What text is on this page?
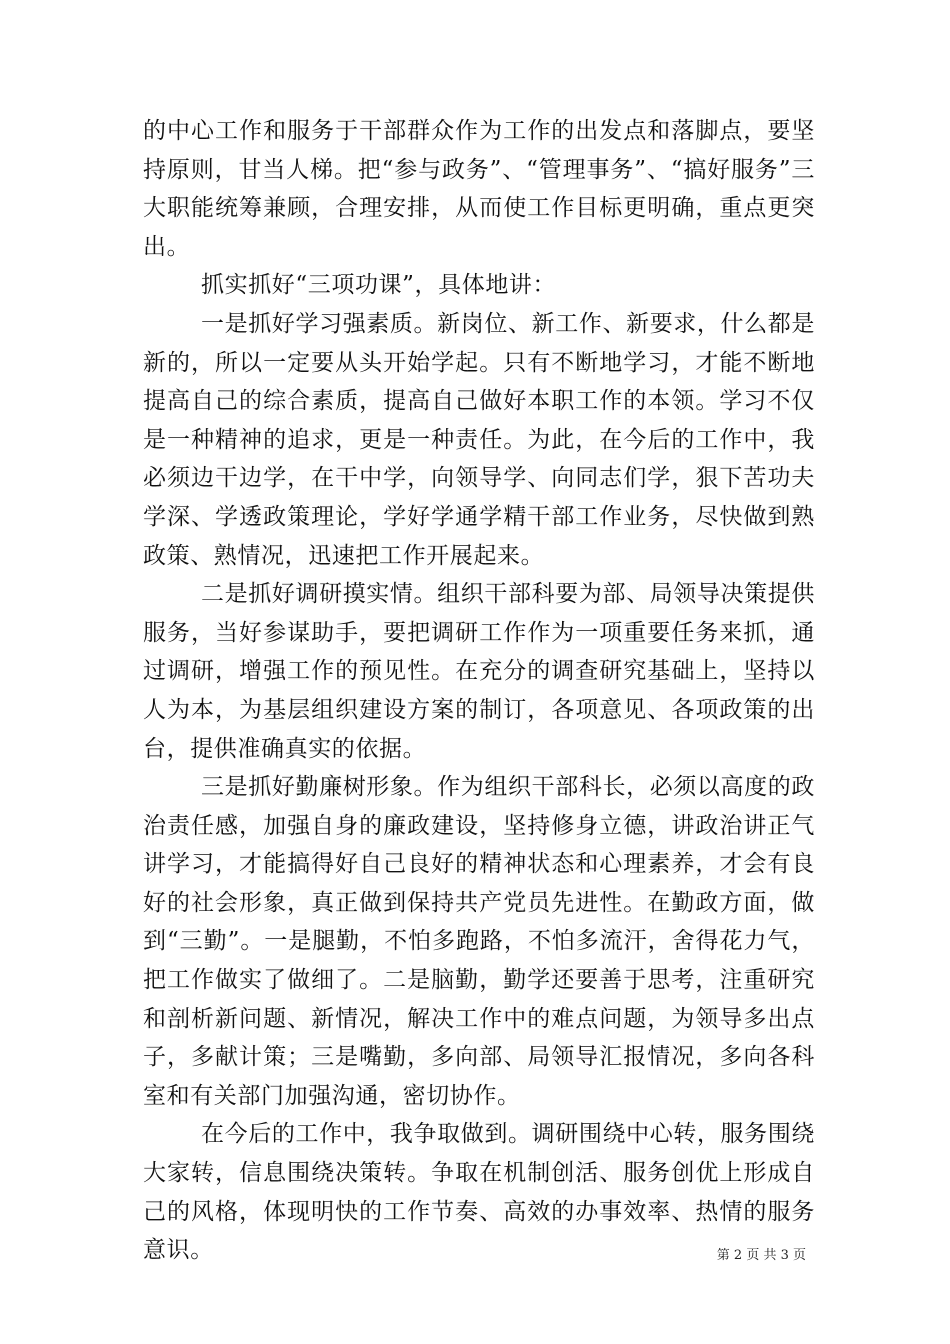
的中心工作和服务于干部群众作为工作的出发点和落脚点，要坚持原则，甘当人梯。把“参与政务”、“管理事务”、“搞好服务”三大职能统筹兼顾，合理安排，从而使工作目标更明确，重点更突出。

抓实抓好“三项功课”，具体地讲：

一是抓好学习强素质。新岗位、新工作、新要求，什么都是新的，所以一定要从头开始学起。只有不断地学习，才能不断地提高自己的综合素质，提高自己做好本职工作的本领。学习不仅是一种精神的追求，更是一种责任。为此，在今后的工作中，我必须边干边学，在干中学，向领导学、向同志们学，狠下苦功夫学深、学透政策理论，学好学通学精干部工作业务，尽快做到熟政策、熟情况，迅速把工作开展起来。

二是抓好调研摸实情。组织干部科要为部、局领导决策提供服务，当好参谋助手，要把调研工作作为一项重要任务来抓，通过调研，增强工作的预见性。在充分的调查研究基础上，坚持以人为本，为基层组织建设方案的制订，各项意见、各项政策的出台，提供准确真实的依据。

三是抓好勤廉树形象。作为组织干部科长，必须以高度的政治责任感，加强自身的廉政建设，坚持修身立德，讲政治讲正气讲学习，才能搞得好自己良好的精神状态和心理素养，才会有良好的社会形象，真正做到保持共产党员先进性。在勤政方面，做到“三勤”。一是腿勤，不怕多跑路，不怕多流汗，舍得花力气，把工作做实了做细了。二是脑勤，勤学还要善于思考，注重研究和剖析新问题、新情况，解决工作中的难点问题，为领导多出点子，多献计策；三是嘴勤，多向部、局领导汇报情况，多向各科室和有关部门加强沟通，密切协作。

在今后的工作中，我争取做到。调研围绕中心转，服务围绕大家转，信息围绕决策转。争取在机制创活、服务创优上形成自己的风格，体现明快的工作节奏、高效的办事效率、热情的服务意识。	第 2 页 共 3 页
